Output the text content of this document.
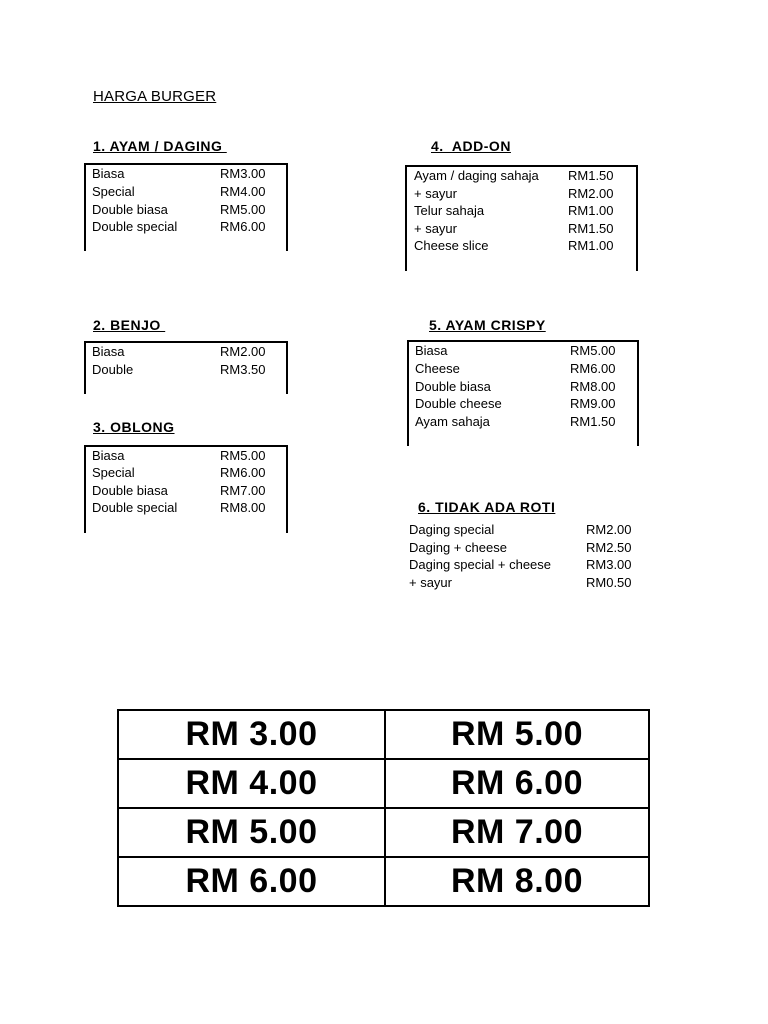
HARGA BURGER
1. AYAM / DAGING
Biasa	RM3.00
Special	RM4.00
Double biasa	RM5.00
Double special	RM6.00
2. BENJO
Biasa	RM2.00
Double	RM3.50
3. OBLONG
Biasa	RM5.00
Special	RM6.00
Double biasa	RM7.00
Double special	RM8.00
4.  ADD-ON
Ayam / daging sahaja RM1.50
+ sayur	RM2.00
Telur sahaja	RM1.00
+ sayur	RM1.50
Cheese slice	RM1.00
5. AYAM CRISPY
Biasa	RM5.00
Cheese	RM6.00
Double biasa	RM8.00
Double cheese	RM9.00
Ayam sahaja	RM1.50
6. TIDAK ADA ROTI
Daging special	RM2.00
Daging + cheese	RM2.50
Daging special + cheese	RM3.00
+ sayur	RM0.50
RM 3.00	RM 5.00
RM 4.00	RM 6.00
RM 5.00	RM 7.00
RM 6.00	RM 8.00
